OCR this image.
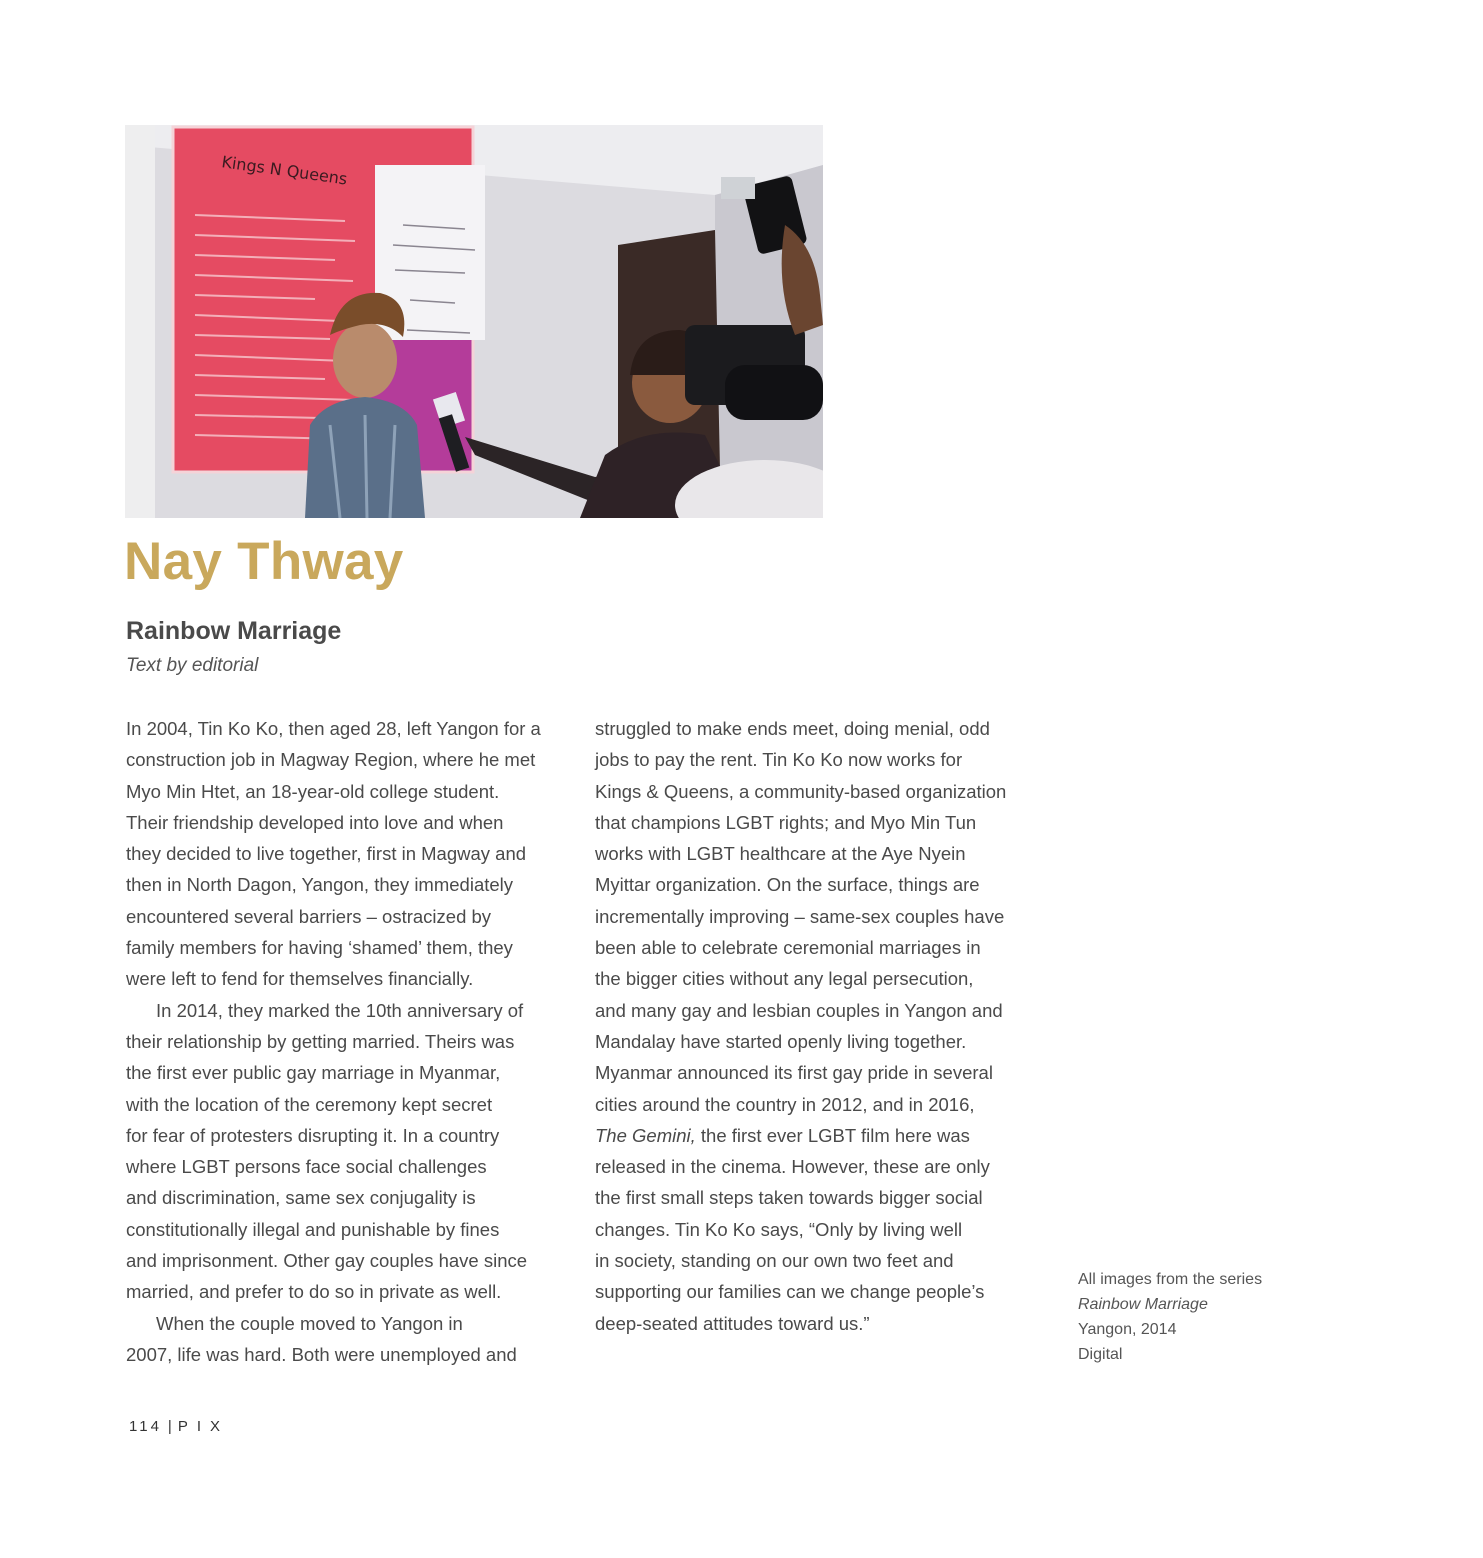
Kings N Queens
Nay Thway
Rainbow Marriage

Text by editorial

In 2004, Tin Ko Ko, then aged 28, left Yangon for a
construction job in Magway Region, where he met
Myo Min Htet, an 18-year-old college student.
Their friendship developed into love and when
they decided to live together, first in Magway and
then in North Dagon, Yangon, they immediately
encountered several barriers – ostracized by
family members for having ‘shamed’ them, they
were left to fend for themselves financially.
In 2014, they marked the 10th anniversary of
their relationship by getting married. Theirs was
the first ever public gay marriage in Myanmar,
with the location of the ceremony kept secret
for fear of protesters disrupting it. In a country
where LGBT persons face social challenges
and discrimination, same sex conjugality is
constitutionally illegal and punishable by fines
and imprisonment. Other gay couples have since
married, and prefer to do so in private as well.
When the couple moved to Yangon in
2007, life was hard. Both were unemployed and
struggled to make ends meet, doing menial, odd
jobs to pay the rent. Tin Ko Ko now works for
Kings & Queens, a community-based organization
that champions LGBT rights; and Myo Min Tun
works with LGBT healthcare at the Aye Nyein
Myittar organization. On the surface, things are
incrementally improving – same-sex couples have
been able to celebrate ceremonial marriages in
the bigger cities without any legal persecution,
and many gay and lesbian couples in Yangon and
Mandalay have started openly living together.
Myanmar announced its first gay pride in several
cities around the country in 2012, and in 2016,
The Gemini, the first ever LGBT film here was
released in the cinema. However, these are only
the first small steps taken towards bigger social
changes. Tin Ko Ko says, “Only by living well
in society, standing on our own two feet and
supporting our families can we change people’s
deep-seated attitudes toward us.”
All images from the series
Rainbow Marriage
Yangon, 2014
Digital
114 | PIX
